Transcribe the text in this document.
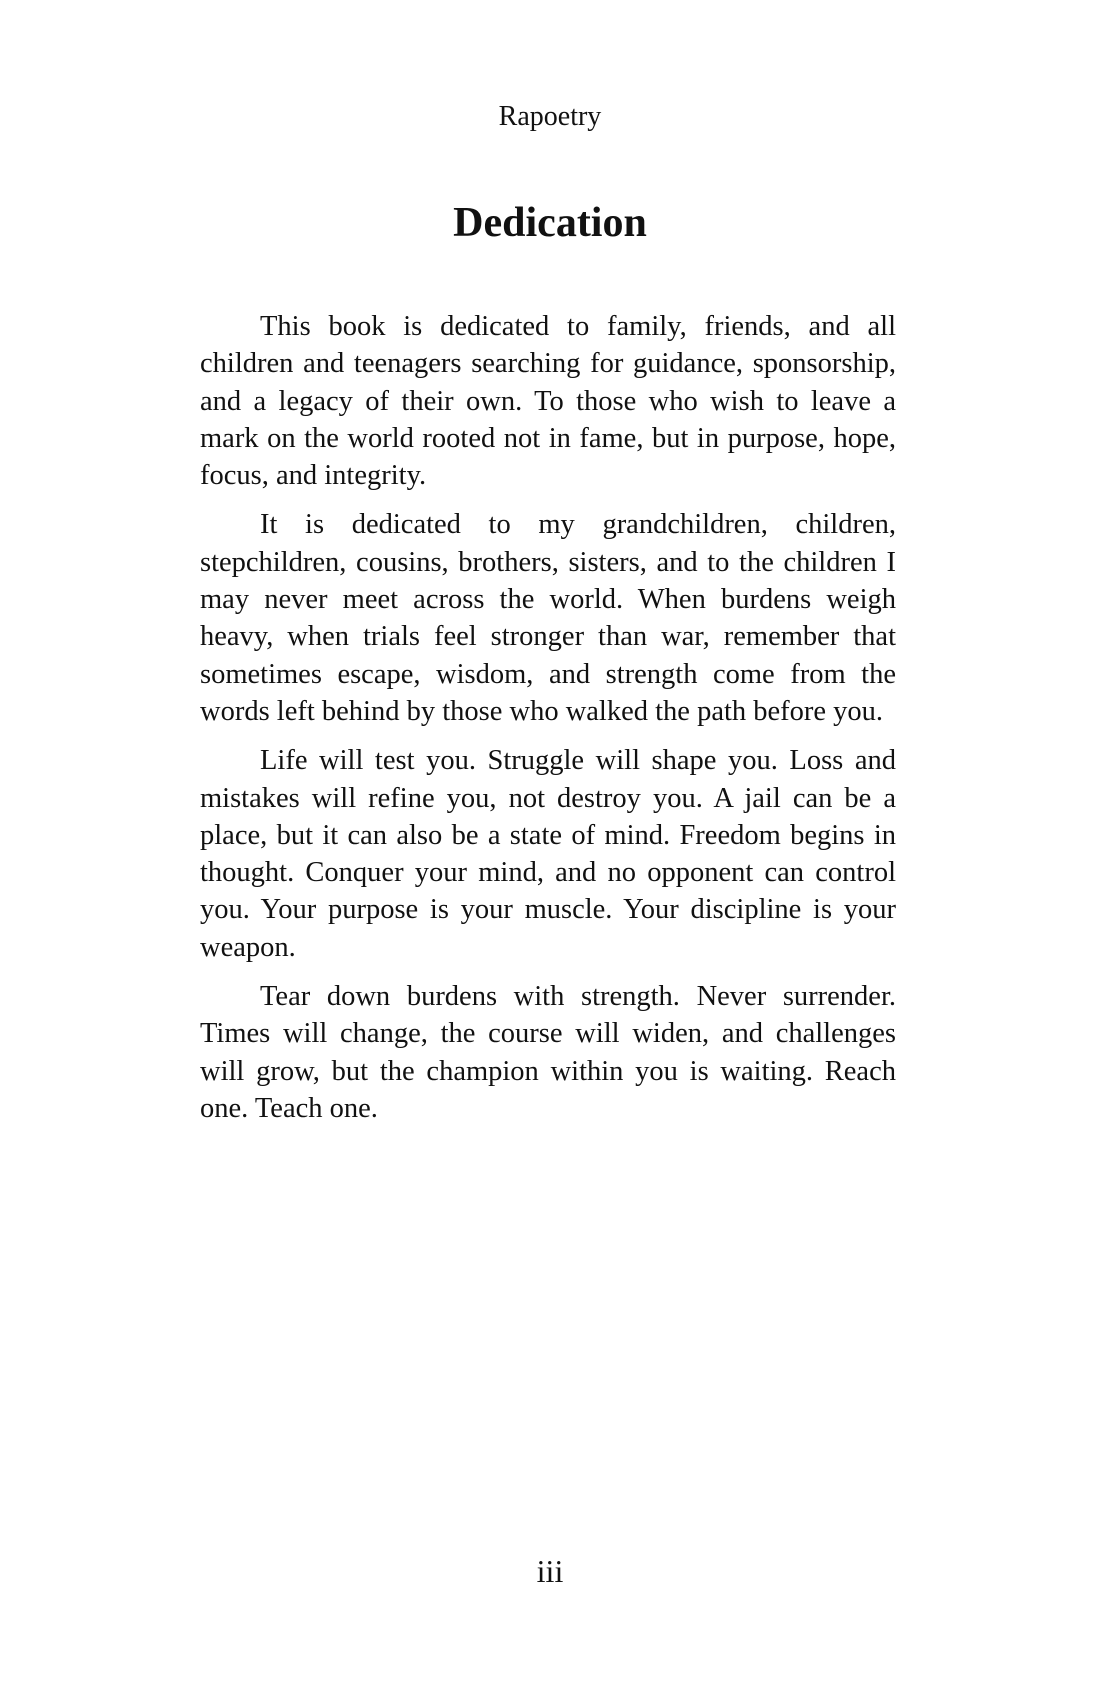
Rapoetry
Dedication

This book is dedicated to family, friends, and all children and teenagers searching for guidance, sponsorship, and a legacy of their own. To those who wish to leave a mark on the world rooted not in fame, but in purpose, hope, focus, and integrity.

It is dedicated to my grandchildren, children, stepchildren, cousins, brothers, sisters, and to the children I may never meet across the world. When burdens weigh heavy, when trials feel stronger than war, remember that sometimes escape, wisdom, and strength come from the words left behind by those who walked the path before you.

Life will test you. Struggle will shape you. Loss and mistakes will refine you, not destroy you. A jail can be a place, but it can also be a state of mind. Freedom begins in thought. Conquer your mind, and no opponent can control you. Your purpose is your muscle. Your discipline is your weapon.

Tear down burdens with strength. Never surrender. Times will change, the course will widen, and challenges will grow, but the champion within you is waiting. Reach one. Teach one.

iii
